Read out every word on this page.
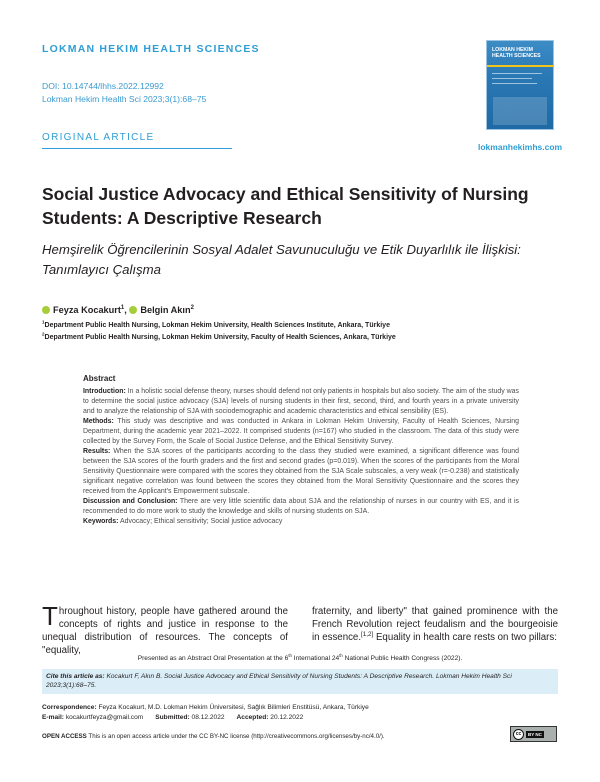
LOKMAN HEKIM HEALTH SCIENCES
DOI: 10.14744/lhhs.2022.12992
Lokman Hekim Health Sci 2023;3(1):68–75
ORIGINAL ARTICLE
LOKMAN HEKIM HEALTH SCIENCES
lokmanhekimhs.com
Social Justice Advocacy and Ethical Sensitivity of Nursing Students: A Descriptive Research
Hemşirelik Öğrencilerinin Sosyal Adalet Savunuculuğu ve Etik Duyarlılık ile İlişkisi: Tanımlayıcı Çalışma
Feyza Kocakurt$^1$, Belgin Akın$^2$
$^1$Department Public Health Nursing, Lokman Hekim University, Health Sciences Institute, Ankara, Türkiye
$^2$Department Public Health Nursing, Lokman Hekim University, Faculty of Health Sciences, Ankara, Türkiye
Abstract

Introduction: In a holistic social defense theory, nurses should defend not only patients in hospitals but also society. The aim of the study was to determine the social justice advocacy (SJA) levels of nursing students in their first, second, third, and fourth years in a private university and to analyze the relationship of SJA with sociodemographic and academic characteristics and ethical sensibility (ES).

Methods: This study was descriptive and was conducted in Ankara in Lokman Hekim University, Faculty of Health Sciences, Nursing Department, during the academic year 2021–2022. It comprised students (n=167) who studied in the classroom. The data of this study were collected by the Survey Form, the Scale of Social Justice Defense, and the Ethical Sensitivity Survey.

Results: When the SJA scores of the participants according to the class they studied were examined, a significant difference was found between the SJA scores of the fourth graders and the first and second grades (p=0.019). When the scores of the participants from the Moral Sensitivity Questionnaire were compared with the scores they obtained from the SJA Scale subscales, a very weak (r=-0.238) and statistically significant negative correlation was found between the scores they obtained from the Moral Sensitivity Questionnaire and the scores they received from the Applicant's Empowerment subscale.

Discussion and Conclusion: There are very little scientific data about SJA and the relationship of nurses in our country with ES, and it is recommended to do more work to study the knowledge and skills of nursing students on SJA.

Keywords: Advocacy; Ethical sensitivity; Social justice advocacy

Throughout history, people have gathered around the concepts of rights and justice in response to the unequal distribution of resources. The concepts of "equality,
fraternity, and liberty" that gained prominence with the French Revolution reject feudalism and the bourgeoisie in essence.[1,2] Equality in health care rests on two pillars:
Presented as an Abstract Oral Presentation at the 6th International 24th National Public Health Congress (2022).
Cite this article as: Kocakurt F, Akın B. Social Justice Advocacy and Ethical Sensitivity of Nursing Students: A Descriptive Research. Lokman Hekim Health Sci 2023;3(1):68–75.
Correspondence: Feyza Kocakurt, M.D. Lokman Hekim Üniversitesi, Sağlık Bilimleri Enstitüsü, Ankara, Türkiye
E-mail: kocakurtfeyza@gmail.com Submitted: 08.12.2022 Accepted: 20.12.2022
OPEN ACCESS This is an open access article under the CC BY-NC license (http://creativecommons.org/licenses/by-nc/4.0/).	cc	BY NC
